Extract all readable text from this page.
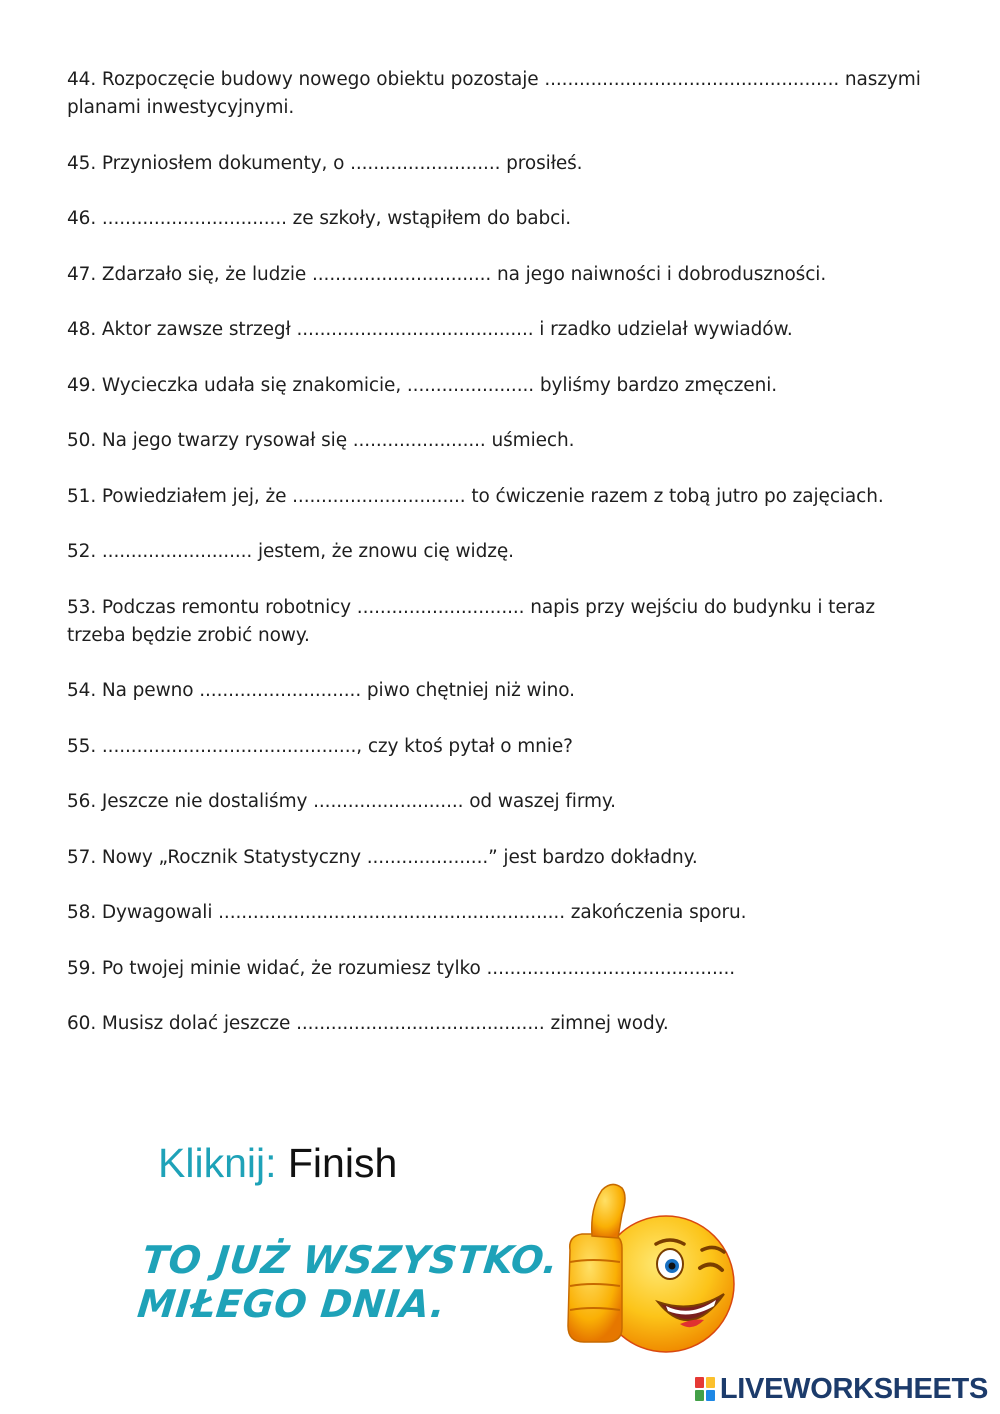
44. Rozpoczęcie budowy nowego obiektu pozostaje ................................................... naszymi planami inwestycyjnymi.

45. Przyniosłem dokumenty, o .......................... prosiłeś.

46. ................................ ze szkoły, wstąpiłem do babci.

47. Zdarzało się, że ludzie ............................... na jego naiwności i dobroduszności.

48. Aktor zawsze strzegł ......................................... i rzadko udzielał wywiadów.

49. Wycieczka udała się znakomicie, ...................... byliśmy bardzo zmęczeni.

50. Na jego twarzy rysował się ....................... uśmiech.

51. Powiedziałem jej, że .............................. to ćwiczenie razem z tobą jutro po zajęciach.

52. .......................... jestem, że znowu cię widzę.

53. Podczas remontu robotnicy ............................. napis przy wejściu do budynku i teraz trzeba będzie zrobić nowy.

54. Na pewno ............................ piwo chętniej niż wino.

55. ............................................, czy ktoś pytał o mnie?

56. Jeszcze nie dostaliśmy .......................... od waszej firmy.

57. Nowy „Rocznik Statystyczny .....................” jest bardzo dokładny.

58. Dywagowali ............................................................ zakończenia sporu.

59. Po twojej minie widać, że rozumiesz tylko ...........................................

60. Musisz dolać jeszcze ........................................... zimnej wody.

Kliknij: Finish
TO JUŻ WSZYSTKO.
MIŁEGO DNIA.
LIVEWORKSHEETS
